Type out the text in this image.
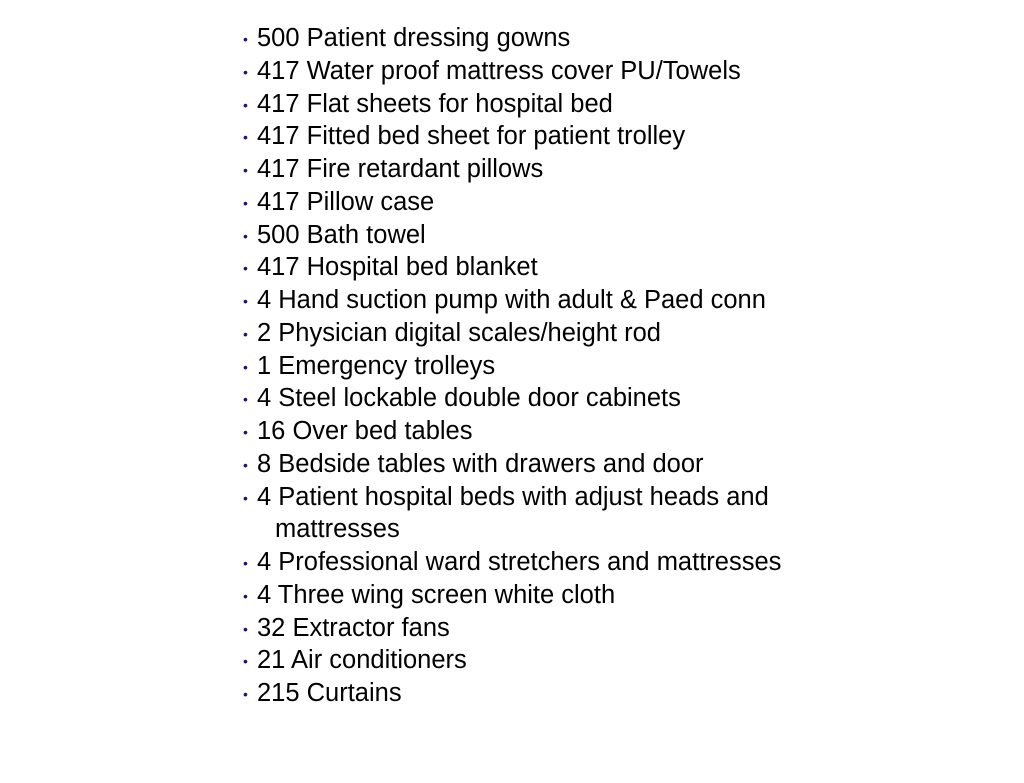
• 500 Patient dressing gowns
• 417 Water proof mattress cover PU/Towels
• 417 Flat sheets for hospital bed
• 417 Fitted bed sheet for patient trolley
• 417 Fire retardant pillows
• 417 Pillow case
• 500 Bath towel
• 417 Hospital bed blanket
• 4 Hand suction pump with adult & Paed conn
• 2 Physician digital scales/height rod
• 1 Emergency trolleys
• 4 Steel lockable double door cabinets
• 16 Over bed tables
• 8 Bedside tables with drawers and door
• 4 Patient hospital beds with adjust heads and
mattresses
• 4 Professional ward stretchers and mattresses
• 4 Three wing screen white cloth
• 32 Extractor fans
• 21 Air conditioners
• 215 Curtains
